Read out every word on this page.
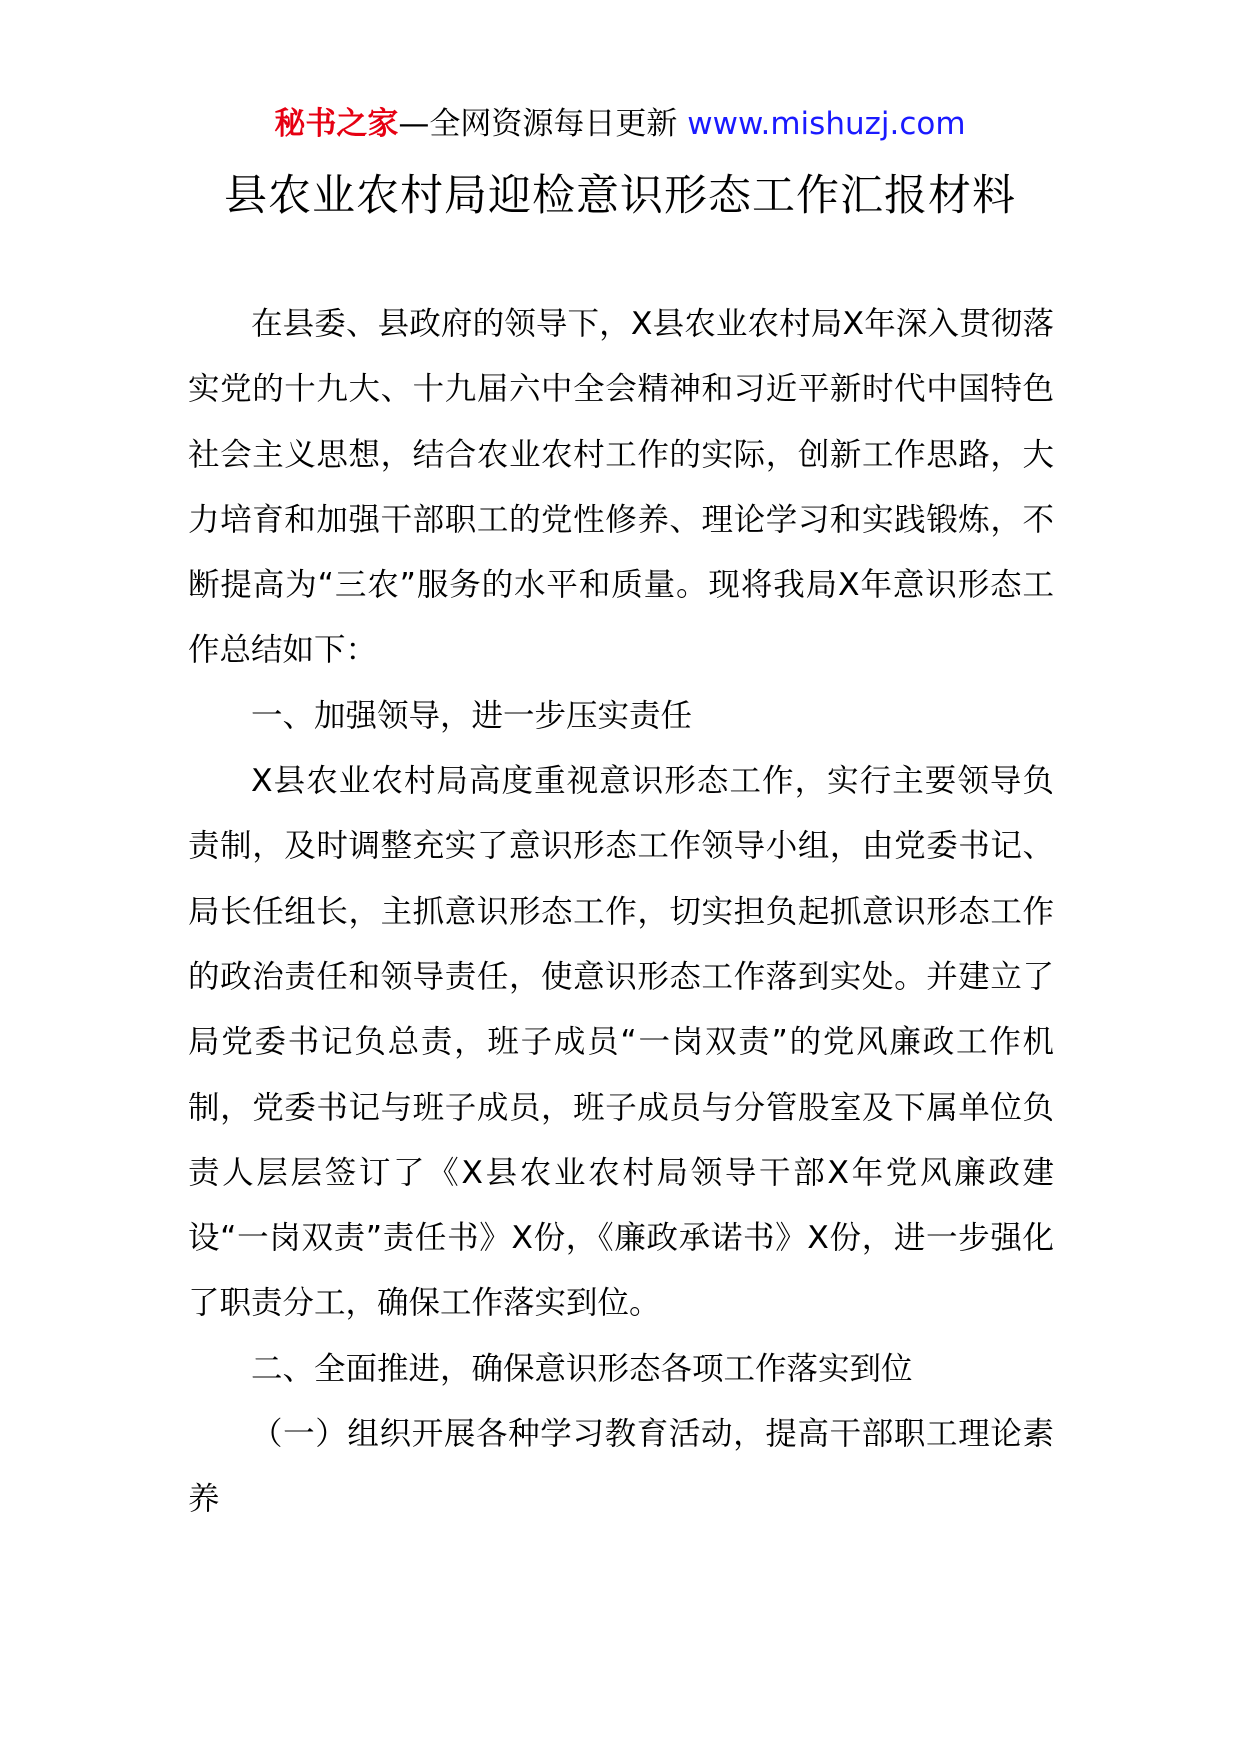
秘书之家—全网资源每日更新 www.mishuzj.com
县农业农村局迎检意识形态工作汇报材料

在县委、县政府的领导下，X县农业农村局X年深入贯彻落实党的十九大、十九届六中全会精神和习近平新时代中国特色社会主义思想，结合农业农村工作的实际，创新工作思路，大力培育和加强干部职工的党性修养、理论学习和实践锻炼，不断提高为“三农”服务的水平和质量。现将我局X年意识形态工作总结如下：

一、加强领导，进一步压实责任

X县农业农村局高度重视意识形态工作，实行主要领导负责制，及时调整充实了意识形态工作领导小组，由党委书记、局长任组长，主抓意识形态工作，切实担负起抓意识形态工作的政治责任和领导责任，使意识形态工作落到实处。并建立了局党委书记负总责，班子成员“一岗双责”的党风廉政工作机制，党委书记与班子成员，班子成员与分管股室及下属单位负责人层层签订了《X县农业农村局领导干部X年党风廉政建设“一岗双责”责任书》X份，《廉政承诺书》X份，进一步强化了职责分工，确保工作落实到位。

二、全面推进，确保意识形态各项工作落实到位

（一）组织开展各种学习教育活动，提高干部职工理论素养
